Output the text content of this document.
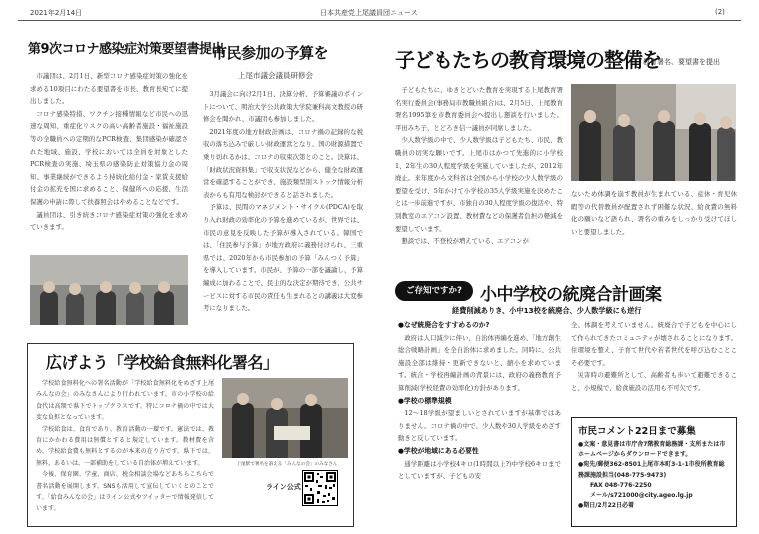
2021年2月14日	日本共産党上尾議員団ニュース	(2)
第9次コロナ感染症対策要望書提出

市議団は、2月1日、新型コロナ感染症対策の強化を求める10項目にわたる要望書を市長、教育長宛てに提出しました。

コロナ感染特措、ワクチン接種情報など市民への迅速な周知、重症化リスクの高い高齢者施設・福祉施設等の全職員への定期的なPCR検査、集団感染が確認された地域、施設、学校においては全員を対象としたPCR検査の実施、埼玉県の感染防止対策協力金の周知、事業継続ができるよう持続化給付金・家賃支援給付金の拡充を国に求めること、保健所への応援、生活保護の申請に際して扶養照会はやめることなどです。

議員団は、引き続きコロナ感染症対策の強化を求めていきます。

市民参加の予算を
上尾市議会議員研修会

3月議会に向け2月1日、決算分析、予算審議のポイントについて、明治大学公共政策大学院兼科高文教授の研修会を聞かれ、市議団も参加しました。

2021年度の地方財政計画は、コロナ禍の記録的な税収の落ち込みで厳しい財政運営となり、国の財源措置で乗り切れるかは、コロナの収束次第とのこと。決算は、「財政状況資料集」で収支状況などから、健全な財政運営を確認することができ、施設類型別ストック情報分析表からも有用な検討ができると話されました。

予算は、民間のマネジメント・サイクル(PDCA)を取り入れ財政の効率化の予算を進めているが、世界では、市民の意見を反映した予算が導入されている。韓国では、「住民参与予算」が地方政府に義務付けられ、三重県では、2020年から市民参加の予算「みんつく予算」を導入しています。市民が、予算の一部を議論し、予算編成に加わることで、民主的な決定が期待でき、公共サービスに対する市民の責任も生まれるとの講義は大変参考になりました。

子どもたちの教育環境の整備を
教育署名、要望書を提出

子どもたちに、ゆきとどいた教育を実現する上尾教育署名実行委員会(事務局市教職員組合)は、2月5日、上尾教育署名1995筆を市教育委員会へ提出し懇談を行いました。平田みち子、とどろき信一議員が同席しました。

少人数学級の中で、少人数学級は子どもたち、市民、教職員の切実な願いです。上尾市はかつて先進的に小学校1、2年生の30人程度学級を実施していましたが、2012年廃止。来年度から文科省は全国から小学校の少人数学級の要望を受け、5年かけて小学校の35人学級実施を決めたことは一歩前進ですが、市独自の30人程度学級の復活や、特別教室のエアコン設置、教材費などの保護者負担の軽減を要望しています。

懇談では、不登校が増えている、エアコンが

ないため体調を崩す教員が生まれている、産休・育児休暇等の代替教員が配置されず困難な状況、給食費の無料化の願いなど語られ、署名の重みをしっかり受けてほしいと要望しました。
広げよう「学校給食無料化署名」

学校給食無料化への署名活動が「学校給食無料化をめざす上尾みんなの会」のみなさんにより行われています。市の小学校の給食代は高額で県下でトップクラスです。特にコロナ禍の中では大変な負担となっています。

学校給食は、食育であり、教育活動の一環です。憲法では、教育にかかわる費用は無償とすると規定しています。教材費を含め、学校給食費も無料とするのが本来の在り方です。県下では、無料、あるいは、一部補助をしている自治体が増えています。

今後、保育園、学童、商店、税金相談会場などあちらこちらで書名活動を展開します。SNSも活用して宣伝していくとのことです。「給食みんなの会」はライン公式やツイッターで情報発信しています。

上尾駅で署名を訴える「みんなの会」のみなさん
ライン公式
ご存知ですか?	小中学校の統廃合計画案
経費削減ありき、小中13校を統廃合、少人数学級にも逆行
●なぜ統廃合をすすめるのか?
政府は人口減少に伴い、自治体再編を進め、「地方創生総合戦略計画」を全自治体に求めました。同時に、公共施設全部は維持・更新できないと、縮小を求めています。統合・学校再編計画の背景には、政府の義務教育予算削減(学校経費の効率化)方針があります。
●学校の標準規模
12～18学級が望ましいとされていますが基準ではありません。コロナ禍の中で、少人数や30人学級をめざす動きと反しています。
●学校が地域にある必要性
通学距離は小学校4キロ(1時間以上?)中学校6キロまでとしていますが、子どもの安
全、体調を考えていません。統廃合で子どもを中心にして作られてきたコミュニティが壊されることになります。住環境を整え、子育て世代や若者世代を呼び込むことこそ必要です。
災害時の避難所として、高齢者も歩いて避難できること、小規模で、給食施設の活用も不可欠です。
市民コメント22日まで募集
●文案・意見書は市庁舎7階教育総務課・支所または市ホームページからダウンロードできます。
●宛先/郵便362-8501上尾市本町3-1-1市役所教育総務課施設担当(048-775-9473)
FAX 048-776-2250
メール/s721000@city.ageo.lg.jp
●期日/2月22日必着
